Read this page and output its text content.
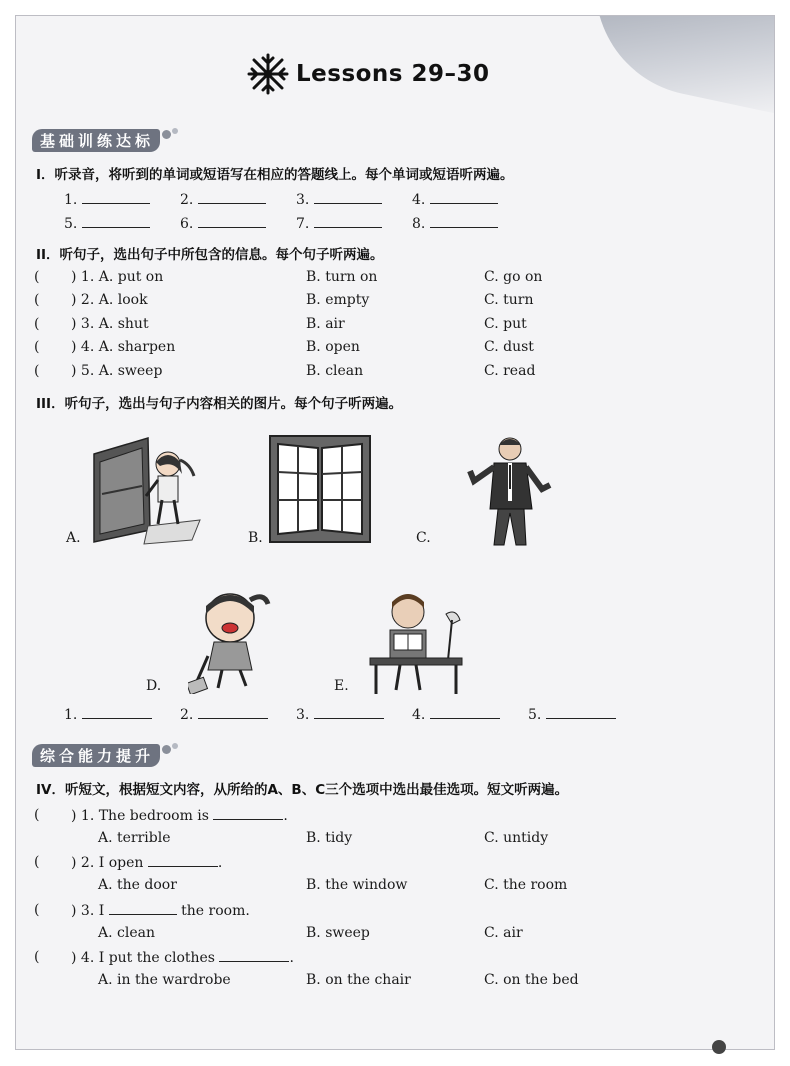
Lessons 29–30
基础训练达标
I．听录音，将听到的单词或短语写在相应的答题线上。每个单词或短语听两遍。
1.	2.	3.	4.
5.	6.	7.	8.
II．听句子，选出句子中所包含的信息。每个句子听两遍。
( ) 1. A. put on	B. turn on	C. go on
( ) 2. A. look	B. empty	C. turn
( ) 3. A. shut	B. air	C. put
( ) 4. A. sharpen	B. open	C. dust
( ) 5. A. sweep	B. clean	C. read
III．听句子，选出与句子内容相关的图片。每个句子听两遍。
A.	B.	C.
D.	E.
1.	2.	3.	4.	5.
综合能力提升
IV．听短文，根据短文内容，从所给的A、B、C三个选项中选出最佳选项。短文听两遍。
( ) 1. The bedroom is	.
A. terrible	B. tidy	C. untidy
( ) 2. I open	.
A. the door	B. the window	C. the room
( ) 3. I	the room.
A. clean	B. sweep	C. air
( ) 4. I put the clothes	.
A. in the wardrobe	B. on the chair	C. on the bed
